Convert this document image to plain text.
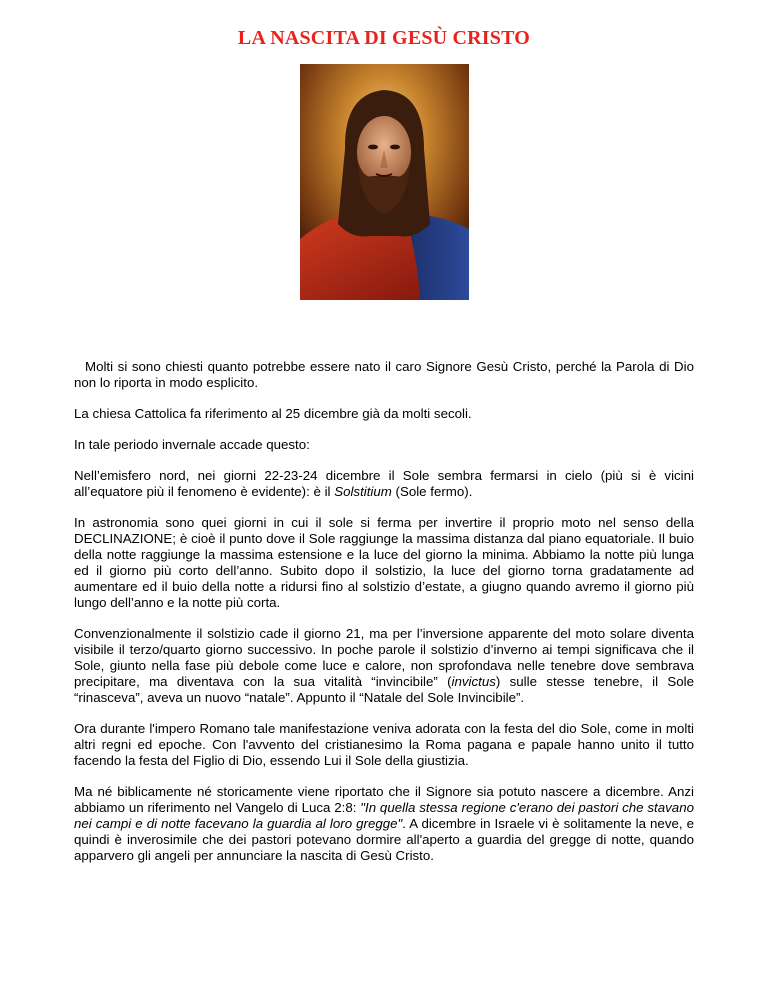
LA NASCITA DI GESÙ CRISTO

Molti si sono chiesti quanto potrebbe essere nato il caro Signore Gesù Cristo, perché la Parola di Dio non lo riporta in modo esplicito.

La chiesa Cattolica fa riferimento al 25 dicembre già da molti secoli.

In tale periodo invernale accade questo:

Nell’emisfero nord, nei giorni 22-23-24 dicembre il Sole sembra fermarsi in cielo (più si è vicini all’equatore più il fenomeno è evidente): è il Solstitium (Sole fermo).

In astronomia sono quei giorni in cui il sole si ferma per invertire il proprio moto nel senso della DECLINAZIONE; è cioè il punto dove il Sole raggiunge la massima distanza dal piano equatoriale. Il buio della notte raggiunge la massima estensione e la luce del giorno la minima. Abbiamo la notte più lunga ed il giorno più corto dell’anno. Subito dopo il solstizio, la luce del giorno torna gradatamente ad aumentare ed il buio della notte a ridursi fino al solstizio d’estate, a giugno quando avremo il giorno più lungo dell’anno e la notte più corta.

Convenzionalmente il solstizio cade il giorno 21, ma per l’inversione apparente del moto solare diventa visibile il terzo/quarto giorno successivo. In poche parole il solstizio d’inverno ai tempi significava che il Sole, giunto nella fase più debole come luce e calore, non sprofondava nelle tenebre dove sembrava precipitare, ma diventava con la sua vitalità “invincibile” (invictus) sulle stesse tenebre, il Sole “rinasceva”, aveva un nuovo “natale”. Appunto il “Natale del Sole Invincibile”.

Ora durante l'impero Romano tale manifestazione veniva adorata con la festa del dio Sole, come in molti altri regni ed epoche. Con l'avvento del cristianesimo la Roma pagana e papale hanno unito il tutto facendo la festa del Figlio di Dio, essendo Lui il Sole della giustizia.

Ma né biblicamente né storicamente viene riportato che il Signore sia potuto nascere a dicembre. Anzi abbiamo un riferimento nel Vangelo di Luca 2:8: "In quella stessa regione c'erano dei pastori che stavano nei campi e di notte facevano la guardia al loro gregge". A dicembre in Israele vi è solitamente la neve, e quindi è inverosimile che dei pastori potevano dormire all'aperto a guardia del gregge di notte, quando apparvero gli angeli per annunciare la nascita di Gesù Cristo.
